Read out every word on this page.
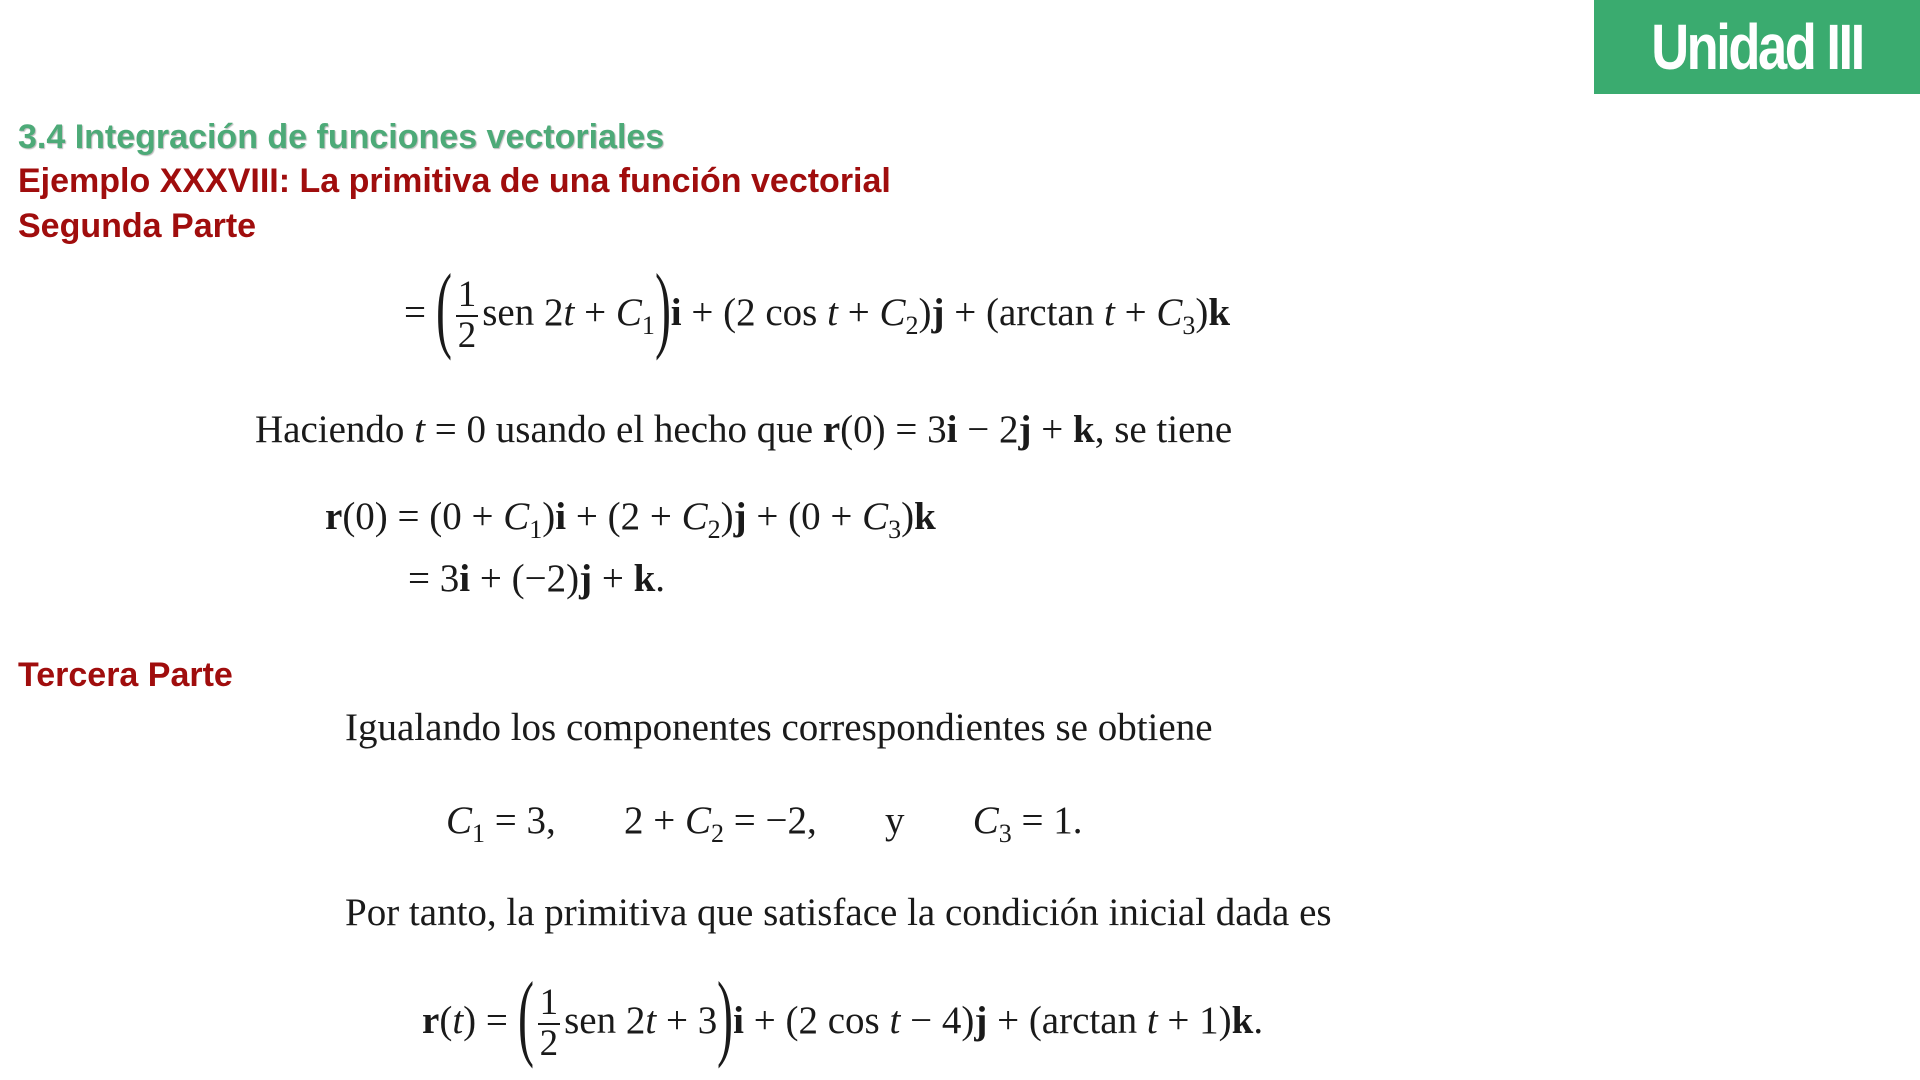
Unidad III
3.4 Integración de funciones vectoriales
Ejemplo XXXVIII: La primitiva de una función vectorial
Segunda Parte
Tercera Parte
= ( $\frac{1}{2}$ sen $2t + C_1)i + (2$ $\cos t + C_2)j + (\arctan$ $t + C_3)k$
Haciendo t = 0 usando el hecho que r(0) = 3i − 2j + k, se tiene
$r(0) = (0 + C_1)i + (2 + C_2)j + (0 + C_3)k$
= 3i + (−2)j + k.
Igualando los componentes correspondientes se obtiene
$C_1 = 3$,       $2 + C_2 = -2$,       y       $C_3 = 1$.
Por tanto, la primitiva que satisface la condición inicial dada es
r(t) = ( $\frac{1}{2}$ sen 2t + 3)i + (2 cos t − 4)j + (arctan t + 1)k.
